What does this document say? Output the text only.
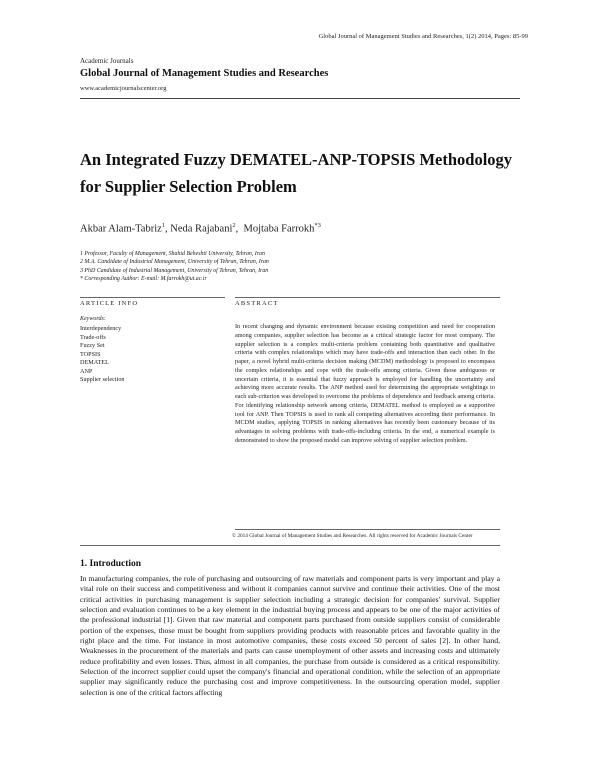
Global Journal of Management Studies and Researches, 1(2) 2014, Pages: 85-99
Academic Journals
Global Journal of Management Studies and Researches
www.academicjournalscenter.org
An Integrated Fuzzy DEMATEL-ANP-TOPSIS Methodology
for Supplier Selection Problem
Akbar Alam-Tabriz$^1$, Neda Rajabani$^2$,  Mojtaba Farrokh$^{*3}$
1 Professor, Faculty of Management, Shahid Beheshti University, Tehran, Iran
2 M.A. Candidate of Industrial Management, University of Tehran, Tehran, Iran
3 PhD Candidate of Industrial Management, University of Tehran, Tehran, Iran
* Corresponding Author: E-mail: M.farrokh@ut.ac.ir
ARTICLE INFO	ABSTRACT
Keywords:
Interdependency
Trade-offs
Fuzzy Set
TOPSIS
DEMATEL
ANP
Supplier selection
In recent changing and dynamic environment because existing competition and need for cooperation among companies, supplier selection has become as a critical strategic factor for most company. The supplier selection is a complex multi-criteria problem containing both quantitative and qualitative criteria with complex relationships which may have trade-offs and interaction than each other. In the paper, a novel hybrid multi-criteria decision making (MCDM) methodology is proposed to encompass the complex relationships and cope with the trade-offs among criteria. Given those ambiguous or uncertain criteria, it is essential that fuzzy approach is employed for handling the uncertainty and achieving more accurate results. The ANP method used for determining the appropriate weightings to each sub-criterion was developed to overcome the problems of dependence and feedback among criteria. For identifying relationship network among criteria, DEMATEL method is employed as a supportive tool for ANP. Then TOPSIS is used to rank all competing alternatives according their performance. In MCDM studies, applying TOPSIS in ranking alternatives has recently been customary because of its advantages in solving problems with trade-offs-including criteria. In the end, a numerical example is demonstrated to show the proposed model can improve solving of supplier selection problem.
© 2014 Global Journal of Management Studies and Researches. All rights reserved for Academic Journals Center
1. Introduction
In manufacturing companies, the role of purchasing and outsourcing of raw materials and component parts is very important and play a vital role on their success and competitiveness and without it companies cannot survive and continue their activities. One of the most critical activities in purchasing management is supplier selection including a strategic decision for companies' survival. Supplier selection and evaluation continues to be a key element in the industrial buying process and appears to be one of the major activities of the professional industrial [1]. Given that raw material and component parts purchased from outside suppliers consist of considerable portion of the expenses, those must be bought from suppliers providing products with reasonable prices and favorable quality in the right place and the time. For instance in most automotive companies, these costs exceed 50 percent of sales [2]. In other hand, Weaknesses in the procurement of the materials and parts can cause unemployment of other assets and increasing costs and ultimately reduce profitability and even losses. Thus, almost in all companies, the purchase from outside is considered as a critical responsibility. Selection of the incorrect supplier could upset the company's financial and operational condition, while the selection of an appropriate supplier may significantly reduce the purchasing cost and improve competitiveness. In the outsourcing operation model, supplier selection is one of the critical factors affecting
